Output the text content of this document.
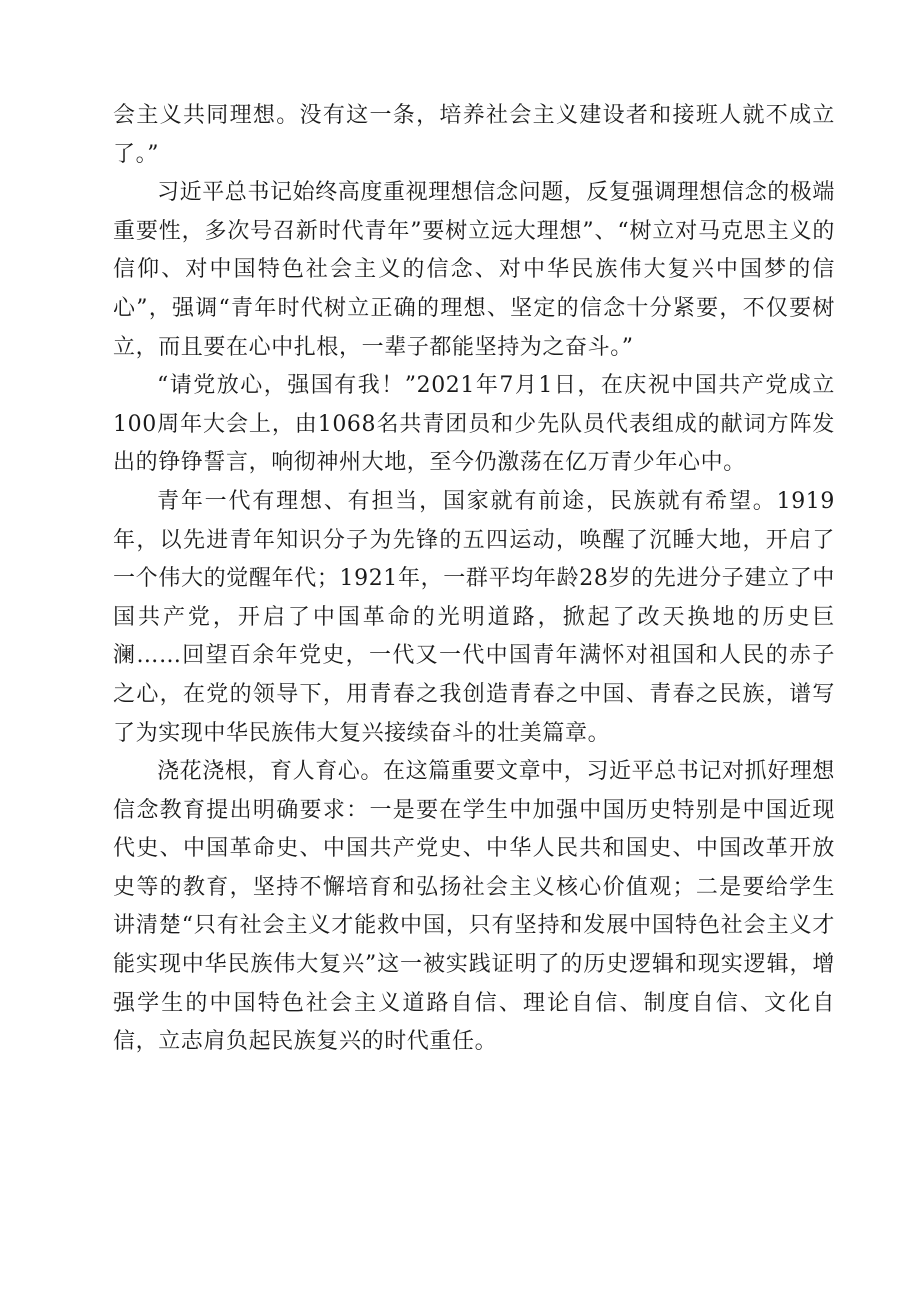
会主义共同理想。没有这一条，培养社会主义建设者和接班人就不成立了。”

习近平总书记始终高度重视理想信念问题，反复强调理想信念的极端重要性，多次号召新时代青年”要树立远大理想”、“树立对马克思主义的信仰、对中国特色社会主义的信念、对中华民族伟大复兴中国梦的信心”，强调“青年时代树立正确的理想、坚定的信念十分紧要，不仅要树立，而且要在心中扎根，一辈子都能坚持为之奋斗。”

“请党放心，强国有我！”2021年7月1日，在庆祝中国共产党成立100周年大会上，由1068名共青团员和少先队员代表组成的献词方阵发出的铮铮誓言，响彻神州大地，至今仍激荡在亿万青少年心中。

青年一代有理想、有担当，国家就有前途，民族就有希望。1919年，以先进青年知识分子为先锋的五四运动，唤醒了沉睡大地，开启了一个伟大的觉醒年代；1921年，一群平均年龄28岁的先进分子建立了中国共产党，开启了中国革命的光明道路，掀起了改天换地的历史巨澜……回望百余年党史，一代又一代中国青年满怀对祖国和人民的赤子之心，在党的领导下，用青春之我创造青春之中国、青春之民族，谱写了为实现中华民族伟大复兴接续奋斗的壮美篇章。

浇花浇根，育人育心。在这篇重要文章中，习近平总书记对抓好理想信念教育提出明确要求：一是要在学生中加强中国历史特别是中国近现代史、中国革命史、中国共产党史、中华人民共和国史、中国改革开放史等的教育，坚持不懈培育和弘扬社会主义核心价值观；二是要给学生讲清楚“只有社会主义才能救中国，只有坚持和发展中国特色社会主义才能实现中华民族伟大复兴”这一被实践证明了的历史逻辑和现实逻辑，增强学生的中国特色社会主义道路自信、理论自信、制度自信、文化自信，立志肩负起民族复兴的时代重任。
